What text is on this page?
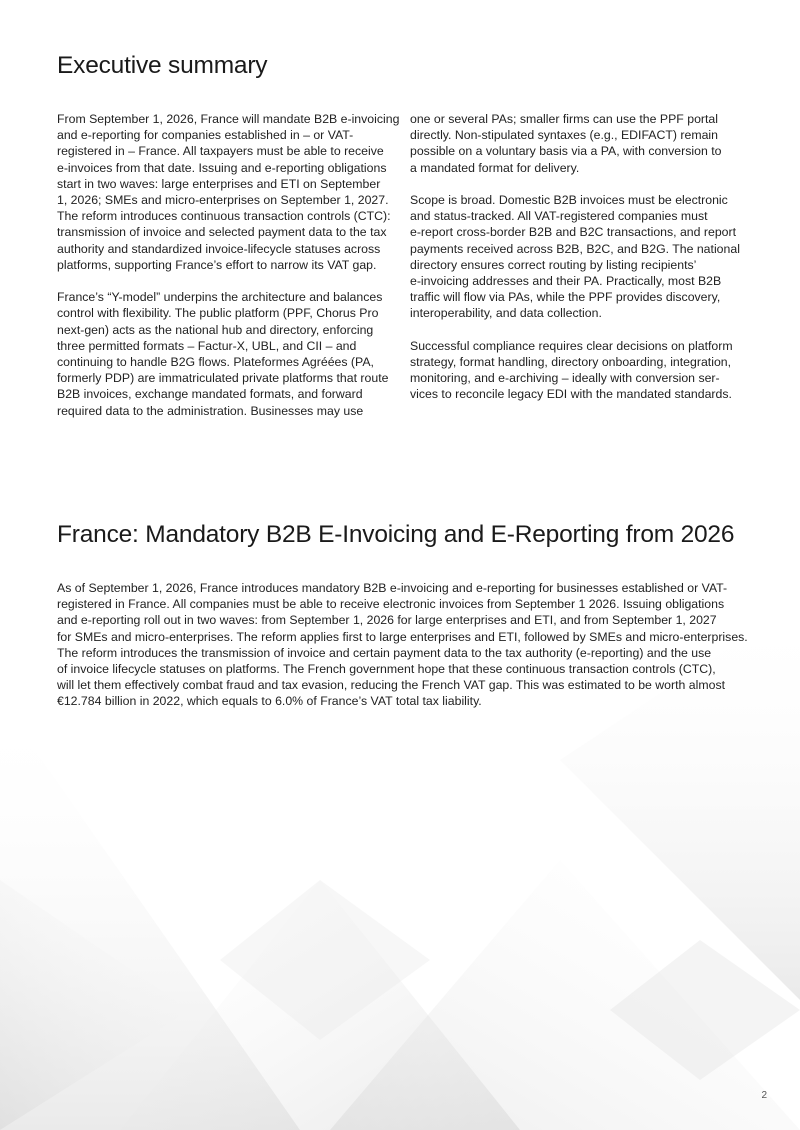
Executive summary

From September 1, 2026, France will mandate B2B e-invoicing
and e-reporting for companies established in – or VAT-
registered in – France. All taxpayers must be able to receive
e-invoices from that date. Issuing and e-reporting obligations
start in two waves: large enterprises and ETI on September
1, 2026; SMEs and micro-enterprises on September 1, 2027.
The reform introduces continuous transaction controls (CTC):
transmission of invoice and selected payment data to the tax
authority and standardized invoice-lifecycle statuses across
platforms, supporting France’s effort to narrow its VAT gap.

France’s “Y-model” underpins the architecture and balances
control with flexibility. The public platform (PPF, Chorus Pro
next-gen) acts as the national hub and directory, enforcing
three permitted formats – Factur-X, UBL, and CII – and
continuing to handle B2G flows. Plateformes Agréées (PA,
formerly PDP) are immatriculated private platforms that route
B2B invoices, exchange mandated formats, and forward
required data to the administration. Businesses may use

one or several PAs; smaller firms can use the PPF portal
directly. Non-stipulated syntaxes (e.g., EDIFACT) remain
possible on a voluntary basis via a PA, with conversion to
a mandated format for delivery.

Scope is broad. Domestic B2B invoices must be electronic
and status-tracked. All VAT-registered companies must
e-report cross-border B2B and B2C transactions, and report
payments received across B2B, B2C, and B2G. The national
directory ensures correct routing by listing recipients’
e-invoicing addresses and their PA. Practically, most B2B
traffic will flow via PAs, while the PPF provides discovery,
interoperability, and data collection.

Successful compliance requires clear decisions on platform
strategy, format handling, directory onboarding, integration,
monitoring, and e-archiving – ideally with conversion ser-
vices to reconcile legacy EDI with the mandated standards.

France: Mandatory B2B E-Invoicing and E-Reporting from 2026
As of September 1, 2026, France introduces mandatory B2B e-invoicing and e-reporting for businesses established or VAT-
registered in France. All companies must be able to receive electronic invoices from September 1 2026. Issuing obligations
and e-reporting roll out in two waves: from September 1, 2026 for large enterprises and ETI, and from September 1, 2027
for SMEs and micro-enterprises. The reform applies first to large enterprises and ETI, followed by SMEs and micro-enterprises.
The reform introduces the transmission of invoice and certain payment data to the tax authority (e-reporting) and the use
of invoice lifecycle statuses on platforms. The French government hope that these continuous transaction controls (CTC),
will let them effectively combat fraud and tax evasion, reducing the French VAT gap. This was estimated to be worth almost
€12.784 billion in 2022, which equals to 6.0% of France’s VAT total tax liability.
2
